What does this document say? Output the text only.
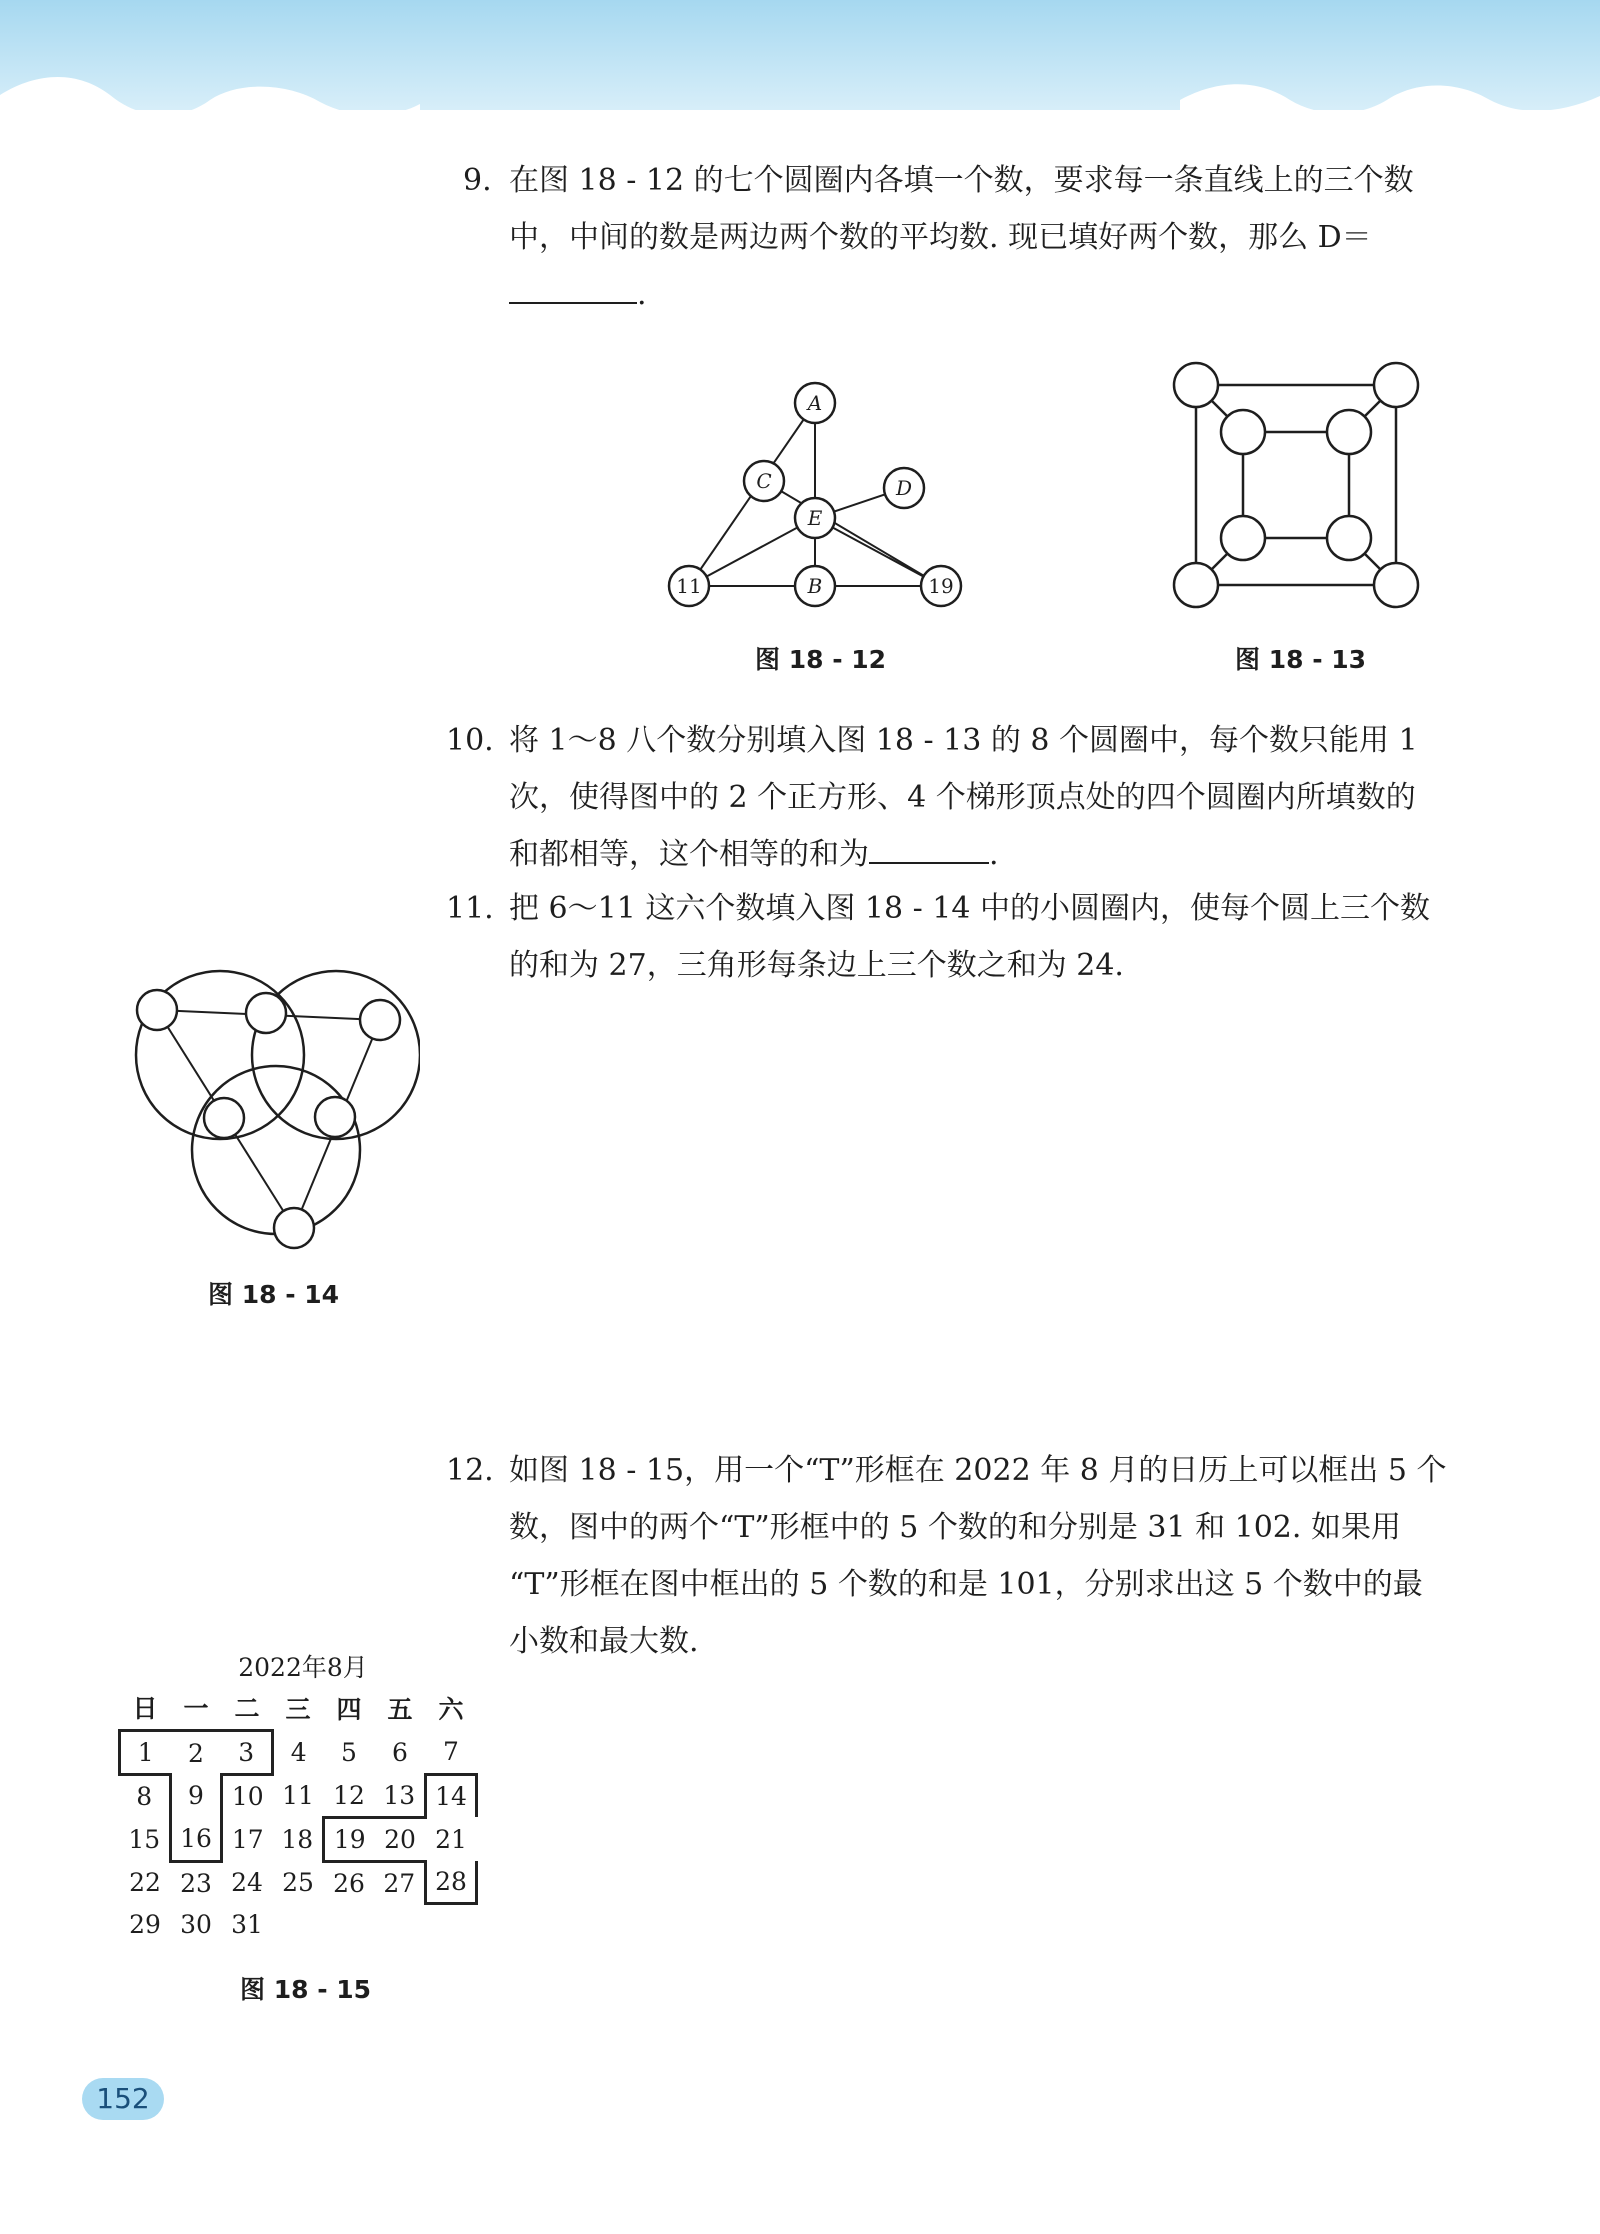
9. 在图 18 - 12 的七个圆圈内各填一个数，要求每一条直线上的三个数
中，中间的数是两边两个数的平均数. 现已填好两个数，那么 D＝
.
A
C	D
E
11	B	19
图 18 - 12	图 18 - 13
10. 将 1～8 八个数分别填入图 18 - 13 的 8 个圆圈中，每个数只能用 1
次，使得图中的 2 个正方形、4 个梯形顶点处的四个圆圈内所填数的
和都相等，这个相等的和为	.
11. 把 6～11 这六个数填入图 18 - 14 中的小圆圈内，使每个圆上三个数
的和为 27，三角形每条边上三个数之和为 24.
图 18 - 14
12. 如图 18 - 15，用一个“T”形框在 2022 年 8 月的日历上可以框出 5 个
数，图中的两个“T”形框中的 5 个数的和分别是 31 和 102. 如果用
“T”形框在图中框出的 5 个数的和是 101，分别求出这 5 个数中的最
小数和最大数.
2022年8月
日	一	二	三	四	五	六
1	2	3	4	5	6	7
8	9	10	11	12	13	14
15	16	17	18	19	20	21
22	23	24	25	26	27	28
29	30	31				
图 18 - 15
152
